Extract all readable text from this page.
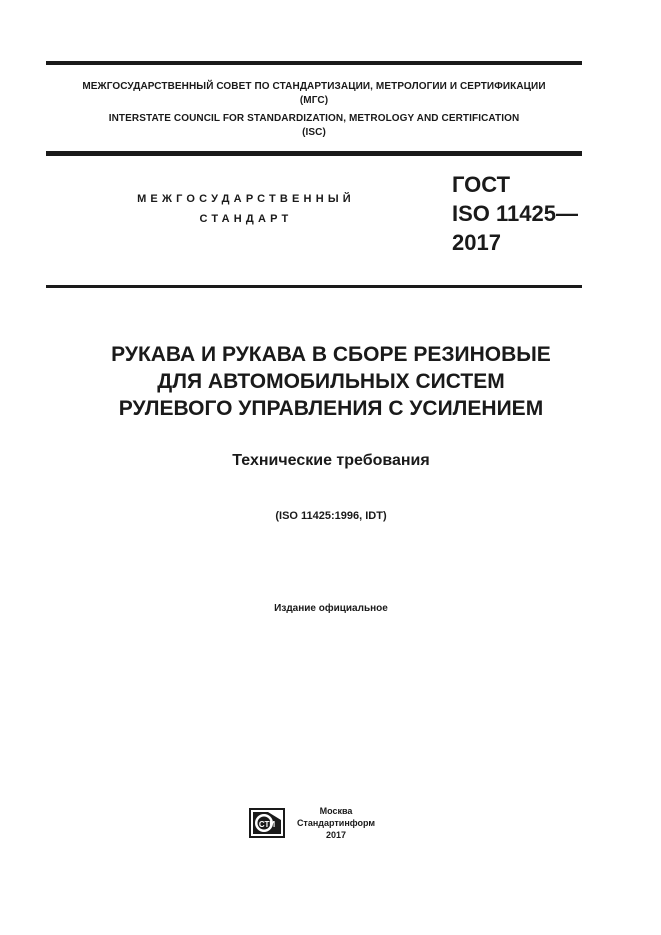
МЕЖГОСУДАРСТВЕННЫЙ СОВЕТ ПО СТАНДАРТИЗАЦИИ, МЕТРОЛОГИИ И СЕРТИФИКАЦИИ
(МГС)
INTERSTATE COUNCIL FOR STANDARDIZATION, METROLOGY AND CERTIFICATION
(ISC)
МЕЖГОСУДАРСТВЕННЫЙ
СТАНДАРТ
ГОСТ
ISO 11425—
2017
РУКАВА И РУКАВА В СБОРЕ РЕЗИНОВЫЕ
ДЛЯ АВТОМОБИЛЬНЫХ СИСТЕМ
РУЛЕВОГО УПРАВЛЕНИЯ С УСИЛЕНИЕМ
Технические требования
(ISO 11425:1996, IDT)
Издание официальное
СТИ
Москва
Стандартинформ
2017
